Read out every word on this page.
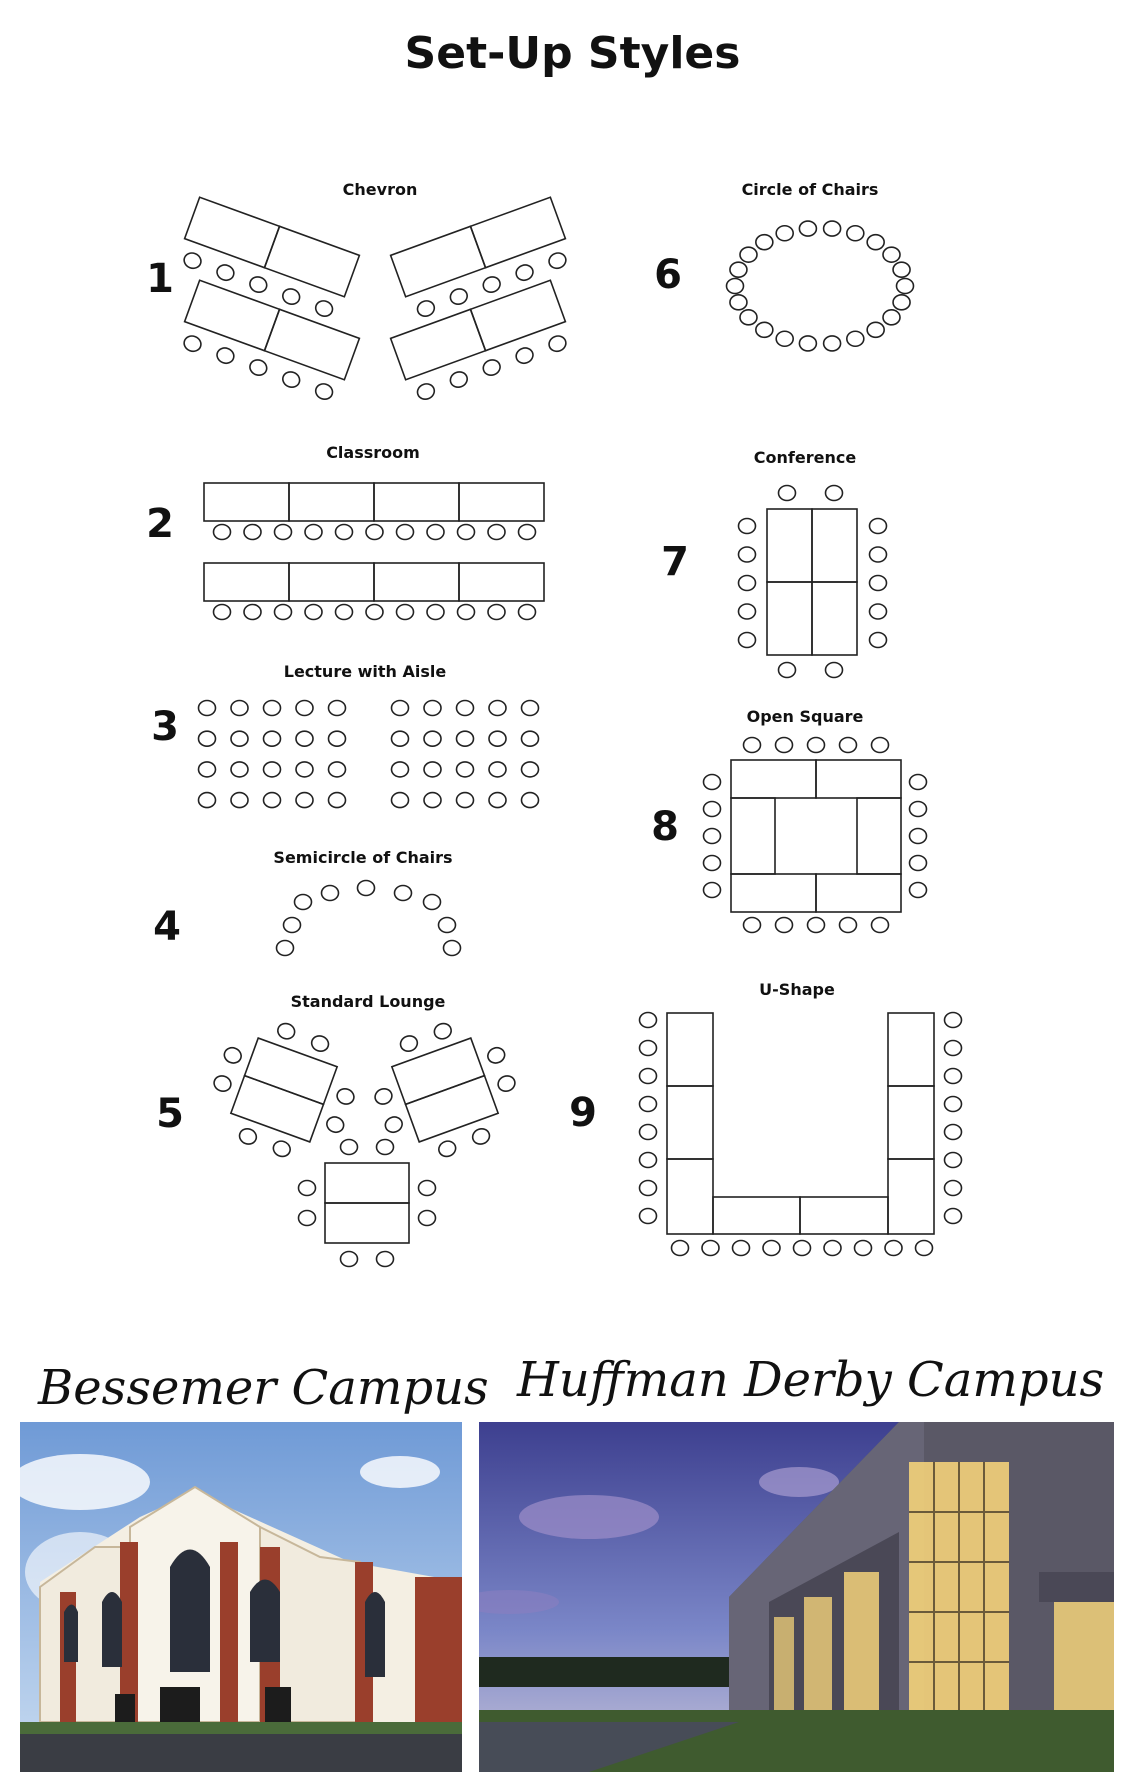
Set-Up Styles
1
Chevron
2
Classroom
3
Lecture with Aisle
4
Semicircle of Chairs
5
Standard Lounge
6
Circle of Chairs
7
Conference
8
Open Square
9
U-Shape
Bessemer Campus Huffman Derby Campus
